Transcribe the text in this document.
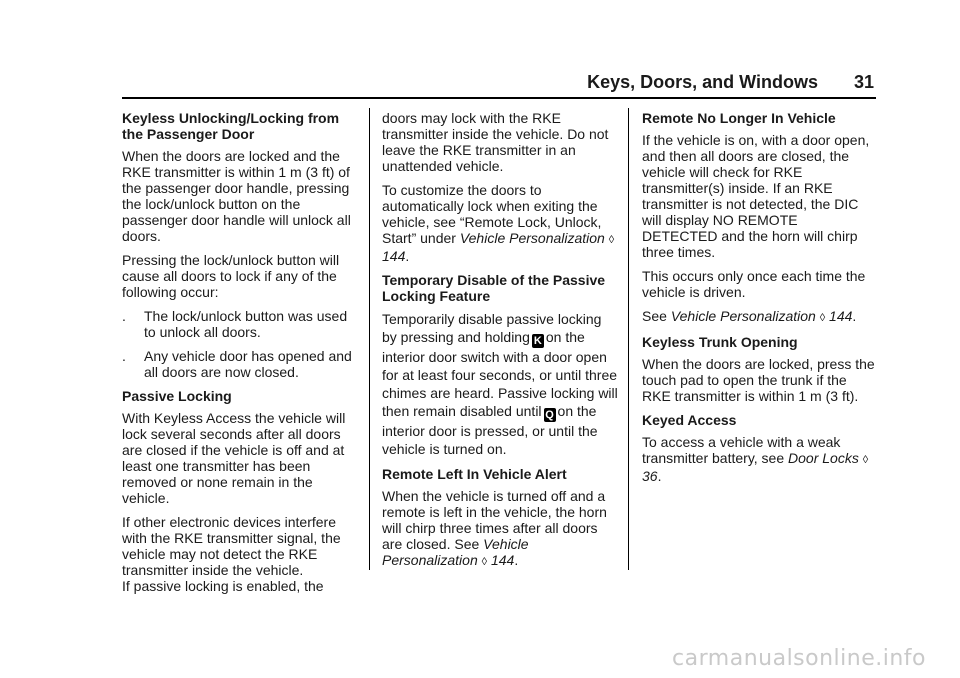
Keys, Doors, and Windows 31
Keyless Unlocking/Locking from the Passenger Door

When the doors are locked and the RKE transmitter is within 1 m (3 ft) of the passenger door handle, pressing the lock/unlock button on the passenger door handle will unlock all doors.

Pressing the lock/unlock button will cause all doors to lock if any of the following occur:

.	The lock/unlock button was used to unlock all doors.
.	Any vehicle door has opened and all doors are now closed.
Passive Locking

With Keyless Access the vehicle will lock several seconds after all doors are closed if the vehicle is off and at least one transmitter has been removed or none remain in the vehicle.

If other electronic devices interfere with the RKE transmitter signal, the vehicle may not detect the RKE transmitter inside the vehicle.

If passive locking is enabled, the

doors may lock with the RKE transmitter inside the vehicle. Do not leave the RKE transmitter in an unattended vehicle.

To customize the doors to automatically lock when exiting the vehicle, see “Remote Lock, Unlock, Start” under Vehicle Personalization ◊ 144.

Temporary Disable of the Passive Locking Feature

Temporarily disable passive locking by pressing and holding K on the interior door switch with a door open for at least four seconds, or until three chimes are heard. Passive locking will then remain disabled until Q on the interior door is pressed, or until the vehicle is turned on.

Remote Left In Vehicle Alert

When the vehicle is turned off and a remote is left in the vehicle, the horn will chirp three times after all doors are closed. See Vehicle Personalization ◊ 144.

Remote No Longer In Vehicle

If the vehicle is on, with a door open, and then all doors are closed, the vehicle will check for RKE transmitter(s) inside. If an RKE transmitter is not detected, the DIC will display NO REMOTE DETECTED and the horn will chirp three times.

This occurs only once each time the vehicle is driven.

See Vehicle Personalization ◊ 144.

Keyless Trunk Opening

When the doors are locked, press the touch pad to open the trunk if the RKE transmitter is within 1 m (3 ft).

Keyed Access

To access a vehicle with a weak transmitter battery, see Door Locks ◊ 36.

carmanualsonline.info
